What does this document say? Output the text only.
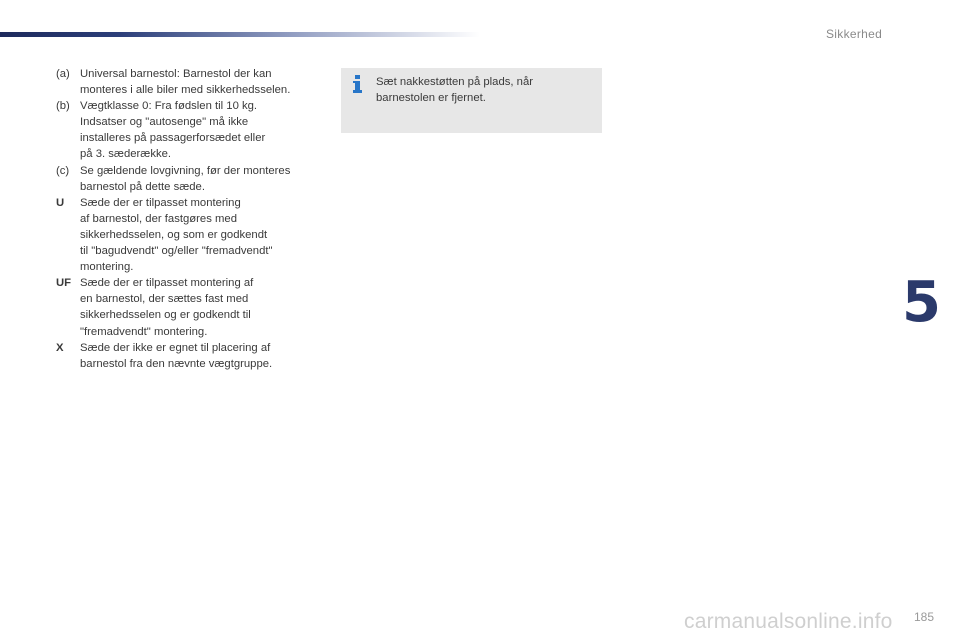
Sikkerhed
5
(a) Universal barnestol: Barnestol der kan
monteres i alle biler med sikkerhedsselen.
(b) Vægtklasse 0: Fra fødslen til 10 kg.
Indsatser og "autosenge" må ikke
installeres på passagerforsædet eller
på 3. sæderække.
(c) Se gældende lovgivning, før der monteres
barnestol på dette sæde.
U	Sæde der er tilpasset montering
af barnestol, der fastgøres med
sikkerhedsselen, og som er godkendt
til "bagudvendt" og/eller "fremadvendt"
montering.
UF Sæde der er tilpasset montering af
en barnestol, der sættes fast med
sikkerhedsselen og er godkendt til
"fremadvendt" montering.
X	Sæde der ikke er egnet til placering af
barnestol fra den nævnte vægtgruppe.
Sæt nakkestøtten på plads, når
barnestolen er fjernet.
carmanualsonline.info 185
